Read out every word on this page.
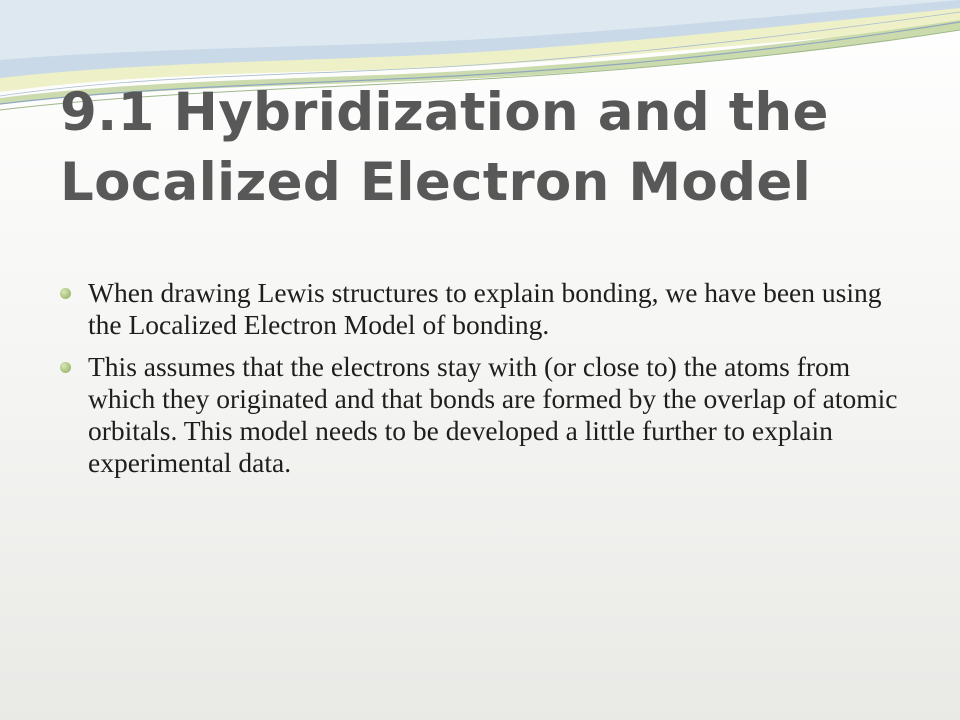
9.1 Hybridization and the Localized Electron Model
When drawing Lewis structures to explain bonding, we have been using the Localized Electron Model of bonding.
This assumes that the electrons stay with (or close to) the atoms from which they originated and that bonds are formed by the overlap of atomic orbitals. This model needs to be developed a little further to explain experimental data.
